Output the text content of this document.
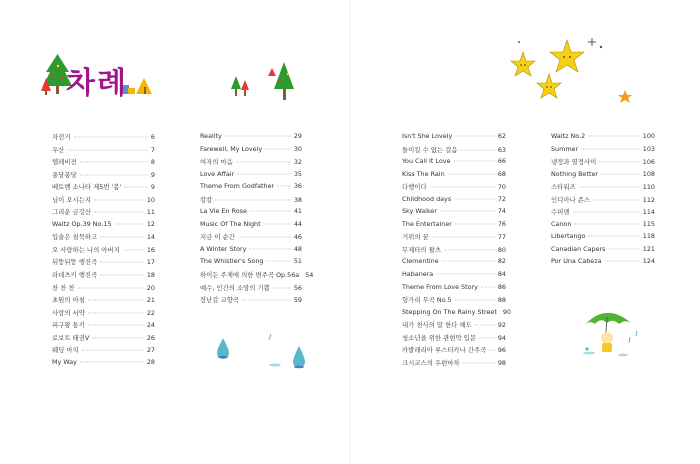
차례
자전거	6
우산	7
텔레비전	8
퐁당퐁당	9
베토벤 소나타 제5번 '봄'	9
님이 오시는지	10
그리운 금강산	11
Waltz Op.39 No.15	12
입술은 침묵하고	14
오 사랑하는 나의 아버지	16
뒤뚱뒤뚱 행진곡	17
라데츠키 행진곡	18
찬 찬 찬	20
초원의 아침	21
사랑의 서약	22
피구왕 통키	24
로보트 태권V	26
웨딩 마치	27
My Way	28
Reality	29
Farewell, My Lovely	30
여자의 마음	32
Love Affair	35
Theme From Godfather	36
캉캉	38
La Vie En Rose	41
Music Of The Night	44
지금 이 순간	46
A Winter Story	48
The Whistler's Song	51
하이든 주제에 의한 변주곡 Op.56a 54
예수, 인간의 소망의 기쁨	56
장난감 교향곡	59
Isn't She Lovely	62
돌이킬 수 없는 걸음	63
You Call It Love	66
Kiss The Rain	68
다행이다	70
Childhood days	72
Sky Walker	74
The Entertainer	76
거위의 꿈	77
무제타의 왈츠	80
Clementine	82
Habanera	84
Theme From Love Story	86
헝가리 무곡 No.5	88
Stepping On The Rainy Street 90
내가 천사의 말 한다 해도	92
청소년을 위한 관현악 입문	94
카발레리아 루스티카나 간주곡 96
크시코스의 우편마차	98
Waltz No.2	100
Summer	103
냉정과 열정사이	106
Nothing Better	108
스타워즈	110
인디아나 존스	112
수퍼맨	114
Canon	115
Libertango	118
Canadian Capers	121
Por Una Cabeza	124
